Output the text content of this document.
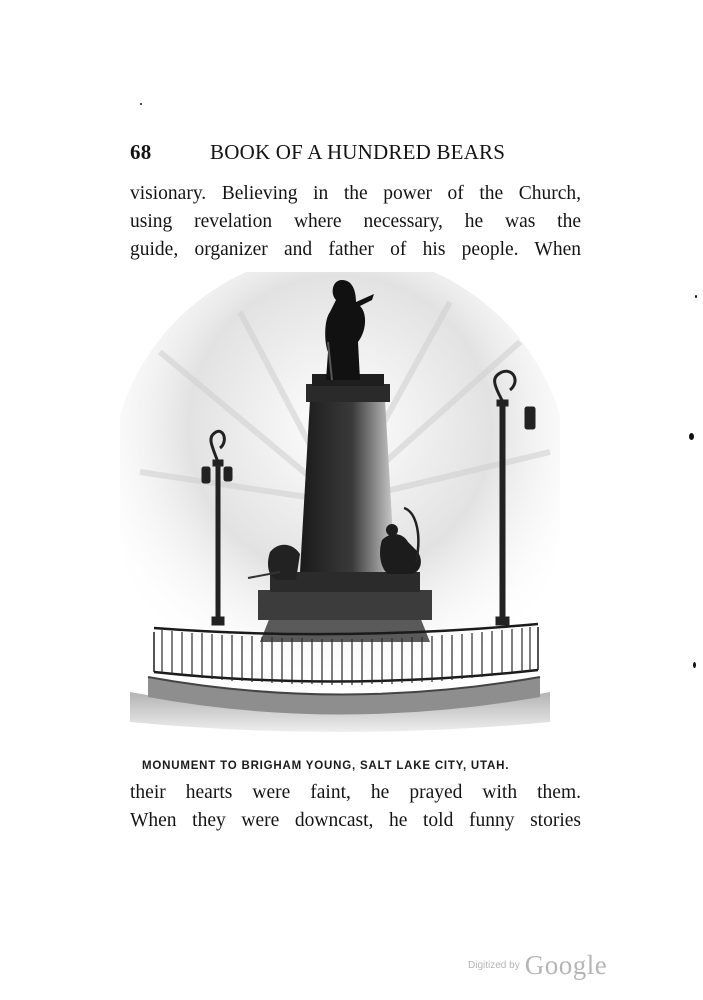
68	BOOK OF A HUNDRED BEARS
visionary. Believing in the power of the Church,
using revelation where necessary, he was the
guide, organizer and father of his people. When
MONUMENT TO BRIGHAM YOUNG, SALT LAKE CITY, UTAH.
their hearts were faint, he prayed with them.
When they were downcast, he told funny stories
Digitized by Google
